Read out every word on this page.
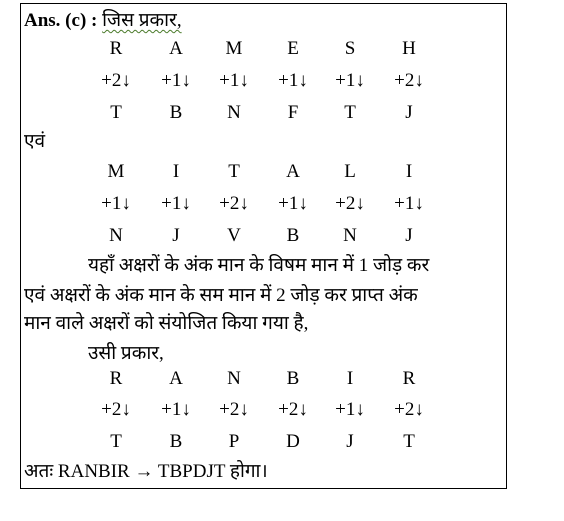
Ans. (c) : जिस प्रकार,
R	A	M	E	S	H
+2↓	+1↓	+1↓	+1↓	+1↓	+2↓
T	B	N	F	T	J
एवं
M	I	T	A	L	I
+1↓	+1↓	+2↓	+1↓	+2↓	+1↓
N	J	V	B	N	J
यहाँ अक्षरों के अंक मान के विषम मान में 1 जोड़ कर
एवं अक्षरों के अंक मान के सम मान में 2 जोड़ कर प्राप्त अंक
मान वाले अक्षरों को संयोजित किया गया है,
उसी प्रकार,
R	A	N	B	I	R
+2↓	+1↓	+2↓	+2↓	+1↓	+2↓
T	B	P	D	J	T
अतः RANBIR → TBPDJT होगा।
